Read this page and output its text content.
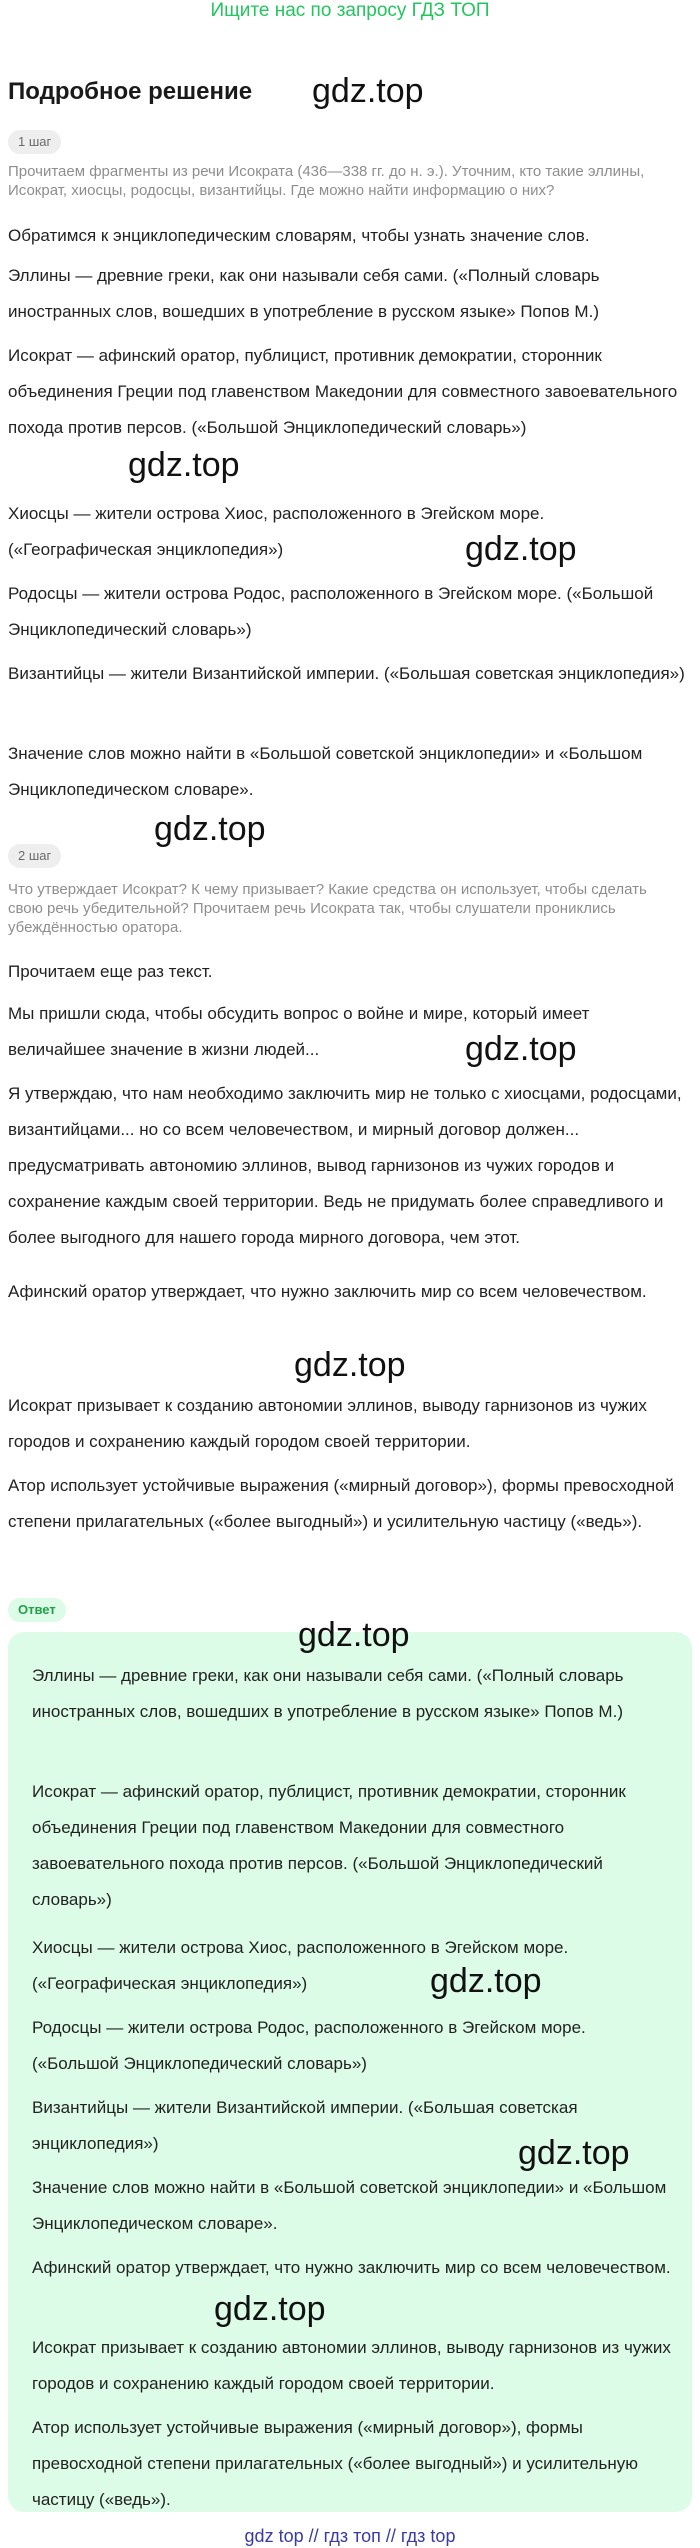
Ищите нас по запросу ГДЗ ТОП
Подробное решение
1 шаг

Прочитаем фрагменты из речи Исократа (436—338 гг. до н. э.). Уточним, кто такие эллины, Исократ, хиосцы, родосцы, византийцы. Где можно найти информацию о них?

Обратимся к энциклопедическим словарям, чтобы узнать значение слов.

Эллины — древние греки, как они называли себя сами. («Полный словарь иностранных слов, вошедших в употребление в русском языке» Попов М.)

Исократ — афинский оратор, публицист, противник демократии, сторонник объединения Греции под главенством Македонии для совместного завоевательного похода против персов. («Большой Энциклопедический словарь»)

Хиосцы — жители острова Хиос, расположенного в Эгейском море. («Географическая энциклопедия»)

Родосцы — жители острова Родос, расположенного в Эгейском море. («Большой Энциклопедический словарь»)

Византийцы — жители Византийской империи. («Большая советская энциклопедия»)

Значение слов можно найти в «Большой советской энциклопедии» и «Большом Энциклопедическом словаре».

2 шаг

Что утверждает Исократ? К чему призывает? Какие средства он использует, чтобы сделать свою речь убедительной? Прочитаем речь Исократа так, чтобы слушатели прониклись убеждённостью оратора.

Прочитаем еще раз текст.

Мы пришли сюда, чтобы обсудить вопрос о войне и мире, который имеет величайшее значение в жизни людей...

Я утверждаю, что нам необходимо заключить мир не только с хиосцами, родосцами, византийцами... но со всем человечеством, и мирный договор должен... предусматривать автономию эллинов, вывод гарнизонов из чужих городов и сохранение каждым своей территории. Ведь не придумать более справедливого и более выгодного для нашего города мирного договора, чем этот.

Афинский оратор утверждает, что нужно заключить мир со всем человечеством.

Исократ призывает к созданию автономии эллинов, выводу гарнизонов из чужих городов и сохранению каждый городом своей территории.

Атор использует устойчивые выражения («мирный договор»), формы превосходной степени прилагательных («более выгодный») и усилительную частицу («ведь»).

Ответ

Эллины — древние греки, как они называли себя сами. («Полный словарь иностранных слов, вошедших в употребление в русском языке» Попов М.)

Исократ — афинский оратор, публицист, противник демократии, сторонник объединения Греции под главенством Македонии для совместного завоевательного похода против персов. («Большой Энциклопедический словарь»)

Хиосцы — жители острова Хиос, расположенного в Эгейском море. («Географическая энциклопедия»)

Родосцы — жители острова Родос, расположенного в Эгейском море. («Большой Энциклопедический словарь»)

Византийцы — жители Византийской империи. («Большая советская энциклопедия»)

Значение слов можно найти в «Большой советской энциклопедии» и «Большом Энциклопедическом словаре».

Афинский оратор утверждает, что нужно заключить мир со всем человечеством.

Исократ призывает к созданию автономии эллинов, выводу гарнизонов из чужих городов и сохранению каждый городом своей территории.

Атор использует устойчивые выражения («мирный договор»), формы превосходной степени прилагательных («более выгодный») и усилительную частицу («ведь»).

gdz.top
gdz.top
gdz.top
gdz.top
gdz.top
gdz.top
gdz.top
gdz.top
gdz.top
gdz.top
gdz top // гдз топ // гдз top
